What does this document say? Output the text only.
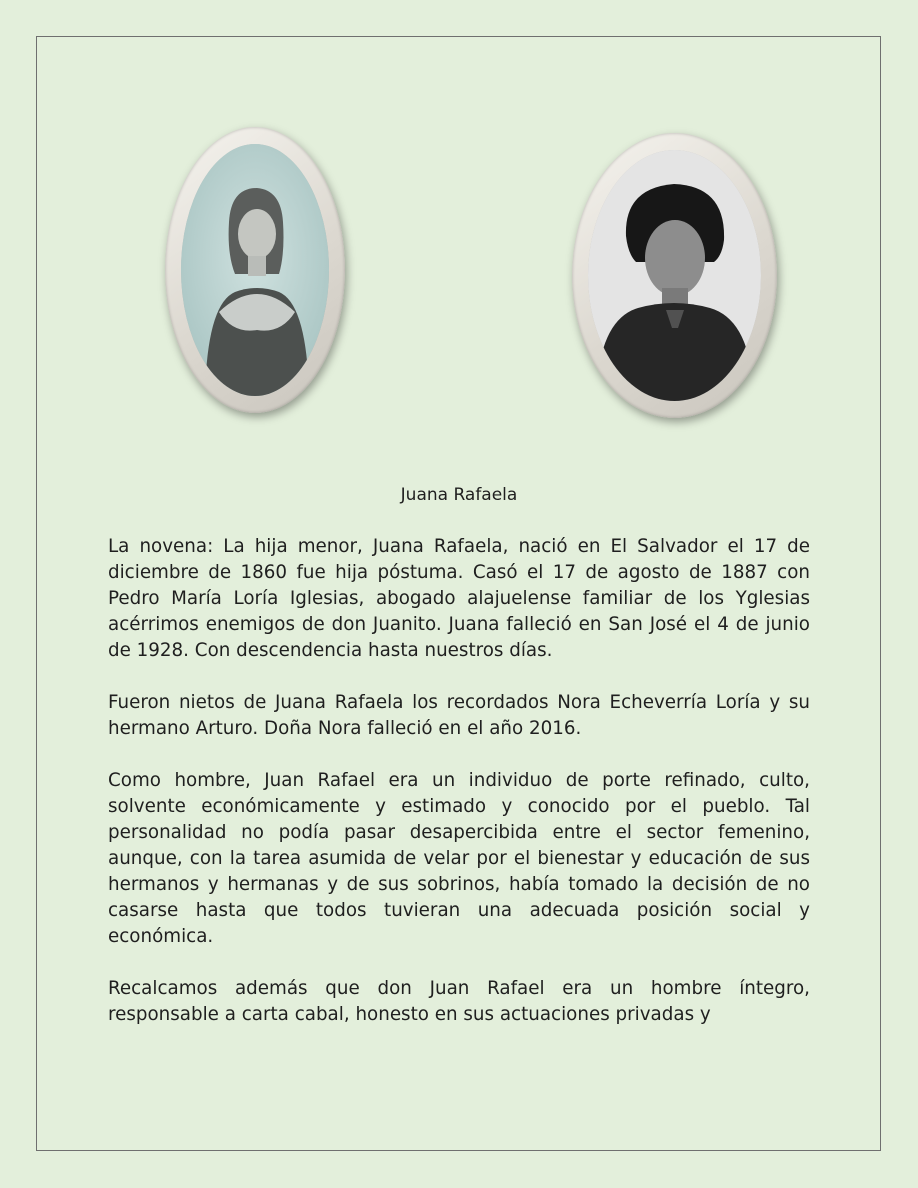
Juana Rafaela

La novena: La hija menor, Juana Rafaela, nació en El Salvador el 17 de diciembre de 1860 fue hija póstuma. Casó el 17 de agosto de 1887 con Pedro María Loría Iglesias, abogado alajuelense familiar de los Yglesias acérrimos enemigos de don Juanito. Juana falleció en San José el 4 de junio de 1928. Con descendencia hasta nuestros días.

Fueron nietos de Juana Rafaela los recordados Nora Echeverría Loría y su hermano Arturo. Doña Nora falleció en el año 2016.

Como hombre, Juan Rafael era un individuo de porte refinado, culto, solvente económicamente y estimado y conocido por el pueblo. Tal personalidad no podía pasar desapercibida entre el sector femenino, aunque, con la tarea asumida de velar por el bienestar y educación de sus hermanos y hermanas y de sus sobrinos, había tomado la decisión de no casarse hasta que todos tuvieran una adecuada posición social y económica.

Recalcamos además que don Juan Rafael era un hombre íntegro, responsable a carta cabal, honesto en sus actuaciones privadas y
